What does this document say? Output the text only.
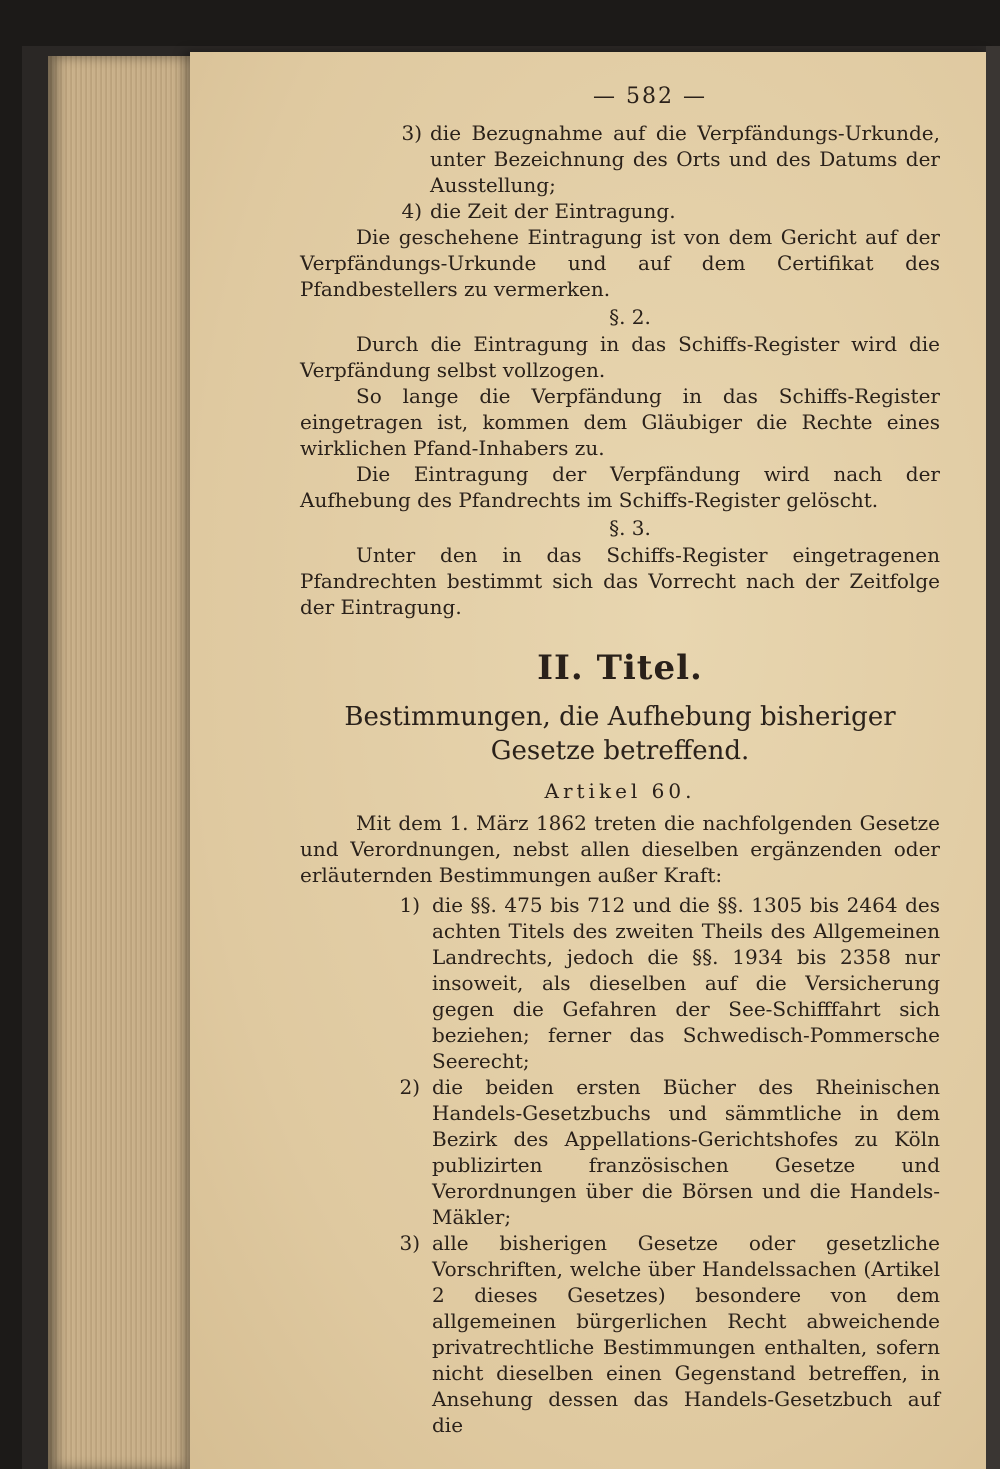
— 582 —
3) die Bezugnahme auf die Verpfändungs-Urkunde, unter Bezeichnung des Orts und des Datums der Ausstellung;
4) die Zeit der Eintragung.

Die geschehene Eintragung ist von dem Gericht auf der Verpfändungs-Urkunde und auf dem Certifikat des Pfandbestellers zu vermerken.

§. 2.

Durch die Eintragung in das Schiffs-Register wird die Verpfändung selbst vollzogen.

So lange die Verpfändung in das Schiffs-Register eingetragen ist, kommen dem Gläubiger die Rechte eines wirklichen Pfand-Inhabers zu.

Die Eintragung der Verpfändung wird nach der Aufhebung des Pfandrechts im Schiffs-Register gelöscht.

§. 3.

Unter den in das Schiffs-Register eingetragenen Pfandrechten bestimmt sich das Vorrecht nach der Zeitfolge der Eintragung.

II. Titel.
Bestimmungen, die Aufhebung bisheriger Gesetze betreffend.
Artikel 60.

Mit dem 1. März 1862 treten die nachfolgenden Gesetze und Verordnungen, nebst allen dieselben ergänzenden oder erläuternden Bestimmungen außer Kraft:

1) die §§. 475 bis 712 und die §§. 1305 bis 2464 des achten Titels des zweiten Theils des Allgemeinen Landrechts, jedoch die §§. 1934 bis 2358 nur insoweit, als dieselben auf die Versicherung gegen die Gefahren der See-Schifffahrt sich beziehen; ferner das Schwedisch-Pommersche Seerecht;
2) die beiden ersten Bücher des Rheinischen Handels-Gesetzbuchs und sämmtliche in dem Bezirk des Appellations-Gerichtshofes zu Köln publizirten französischen Gesetze und Verordnungen über die Börsen und die Handels-Mäkler;
3) alle bisherigen Gesetze oder gesetzliche Vorschriften, welche über Handelssachen (Artikel 2 dieses Gesetzes) besondere von dem allgemeinen bürgerlichen Recht abweichende privatrechtliche Bestimmungen enthalten, sofern nicht dieselben einen Gegenstand betreffen, in Ansehung dessen das Handels-Gesetzbuch auf die
